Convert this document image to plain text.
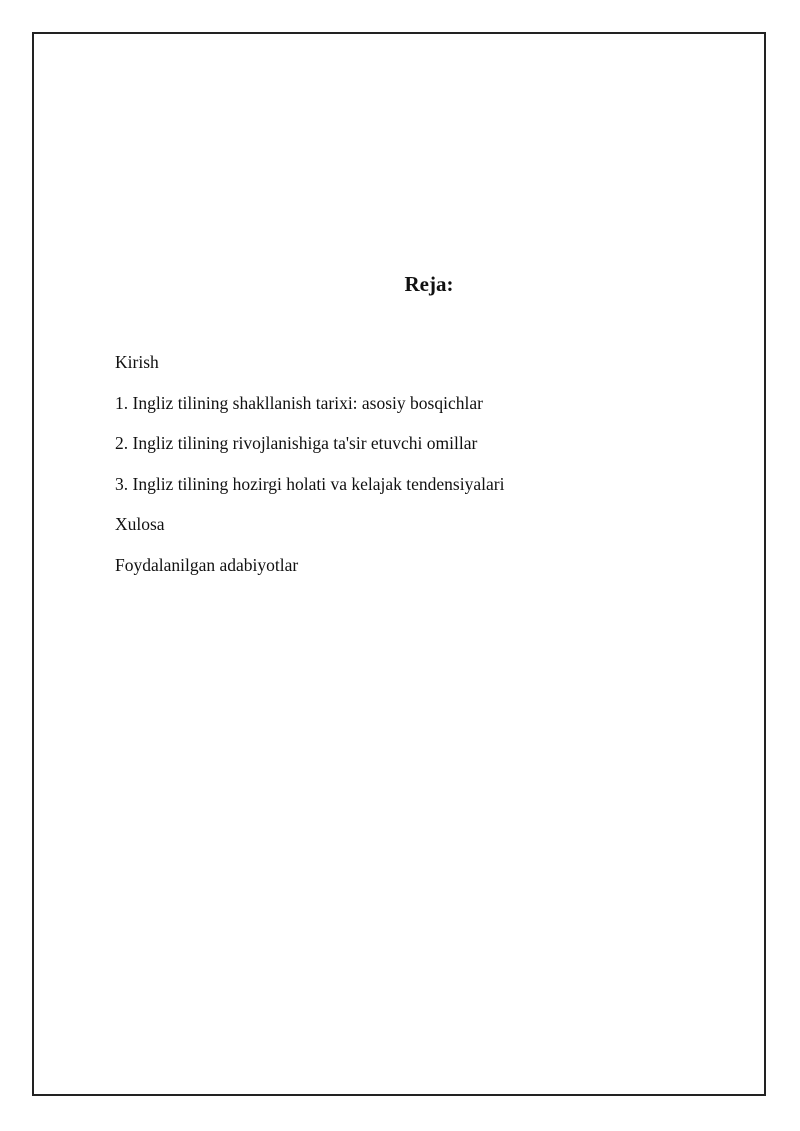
Reja:
Kirish
1. Ingliz tilining shakllanish tarixi: asosiy bosqichlar
2. Ingliz tilining rivojlanishiga ta'sir etuvchi omillar
3. Ingliz tilining hozirgi holati va kelajak tendensiyalari
Xulosa
Foydalanilgan adabiyotlar
